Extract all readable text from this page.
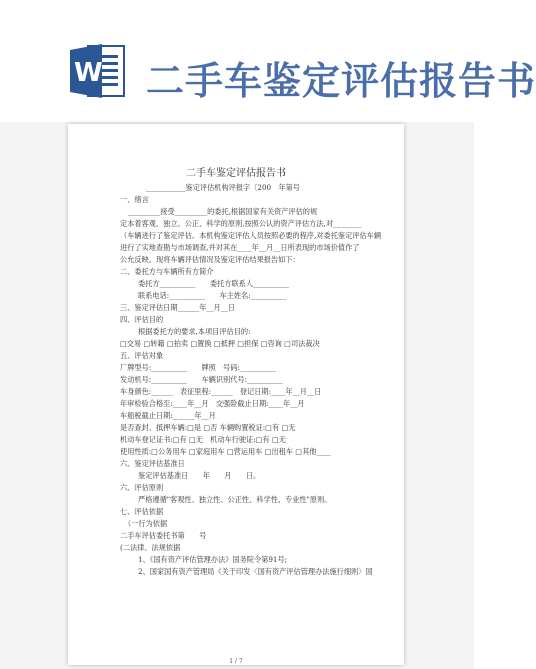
W 二手车鉴定评估报告书
二手车鉴定评估报告书
___________鉴定评估机构评报字〔200　年第号
一、绪言
_________接受_________的委托,根据国家有关资产评估的规
定本着客观、独立、公正、科学的原则,按照公认的资产评估方法,对________
（车辆进行了鉴定评估。本机构鉴定评估人员按照必要的程序,对委托鉴定评估车辆
进行了实地查勘与市场调查,并对其在____年__月__日所表现的市场价值作了
公允反映。现将车辆评估情况及鉴定评估结果报告如下：
二、委托方与车辆所有方简介
委托方__________　　委托方联系人__________
联系电话:__________　　车主姓名:__________
三、鉴定评估日期______年__月__日
四、评估目的
根据委托方的要求,本项目评估目的:
□交易 □转籍 □拍卖 □置换 □抵押 □担保 □咨询 □司法裁决
五、评估对象
厂牌型号:__________　　牌照　号码:__________
发动机号:__________　　车辆识别代号:__________
车身颜色:______　表征里程:______　登记日期:____年__月__日
年审检验合格至:____年__月　交强险截止日期:____年__月
车船税截止日期:______年__月
是否查封、抵押车辆:□是 □否 车辆购置税证:□有 □无
机动车登记证书:□有 □无　机动车行驶证:□有 □无
使用性质:□公务用车 □家庭用车 □营运用车 □出租车 □其他____
六、鉴定评估基准日
鉴定评估基准日　　年　　月　　日。
六、评估原则
严格遵循"客观性、独立性、公正性、科学性、专业性"原则。
七、评估依据
（一行为依据
二手车评估委托书第　　号
(二法律、法规依据
1、《国有资产评估管理办法》国务院令第91号;
2、国家国有资产管理局《关于印发〈国有资产评估管理办法施行细则〉国
1 / 7
